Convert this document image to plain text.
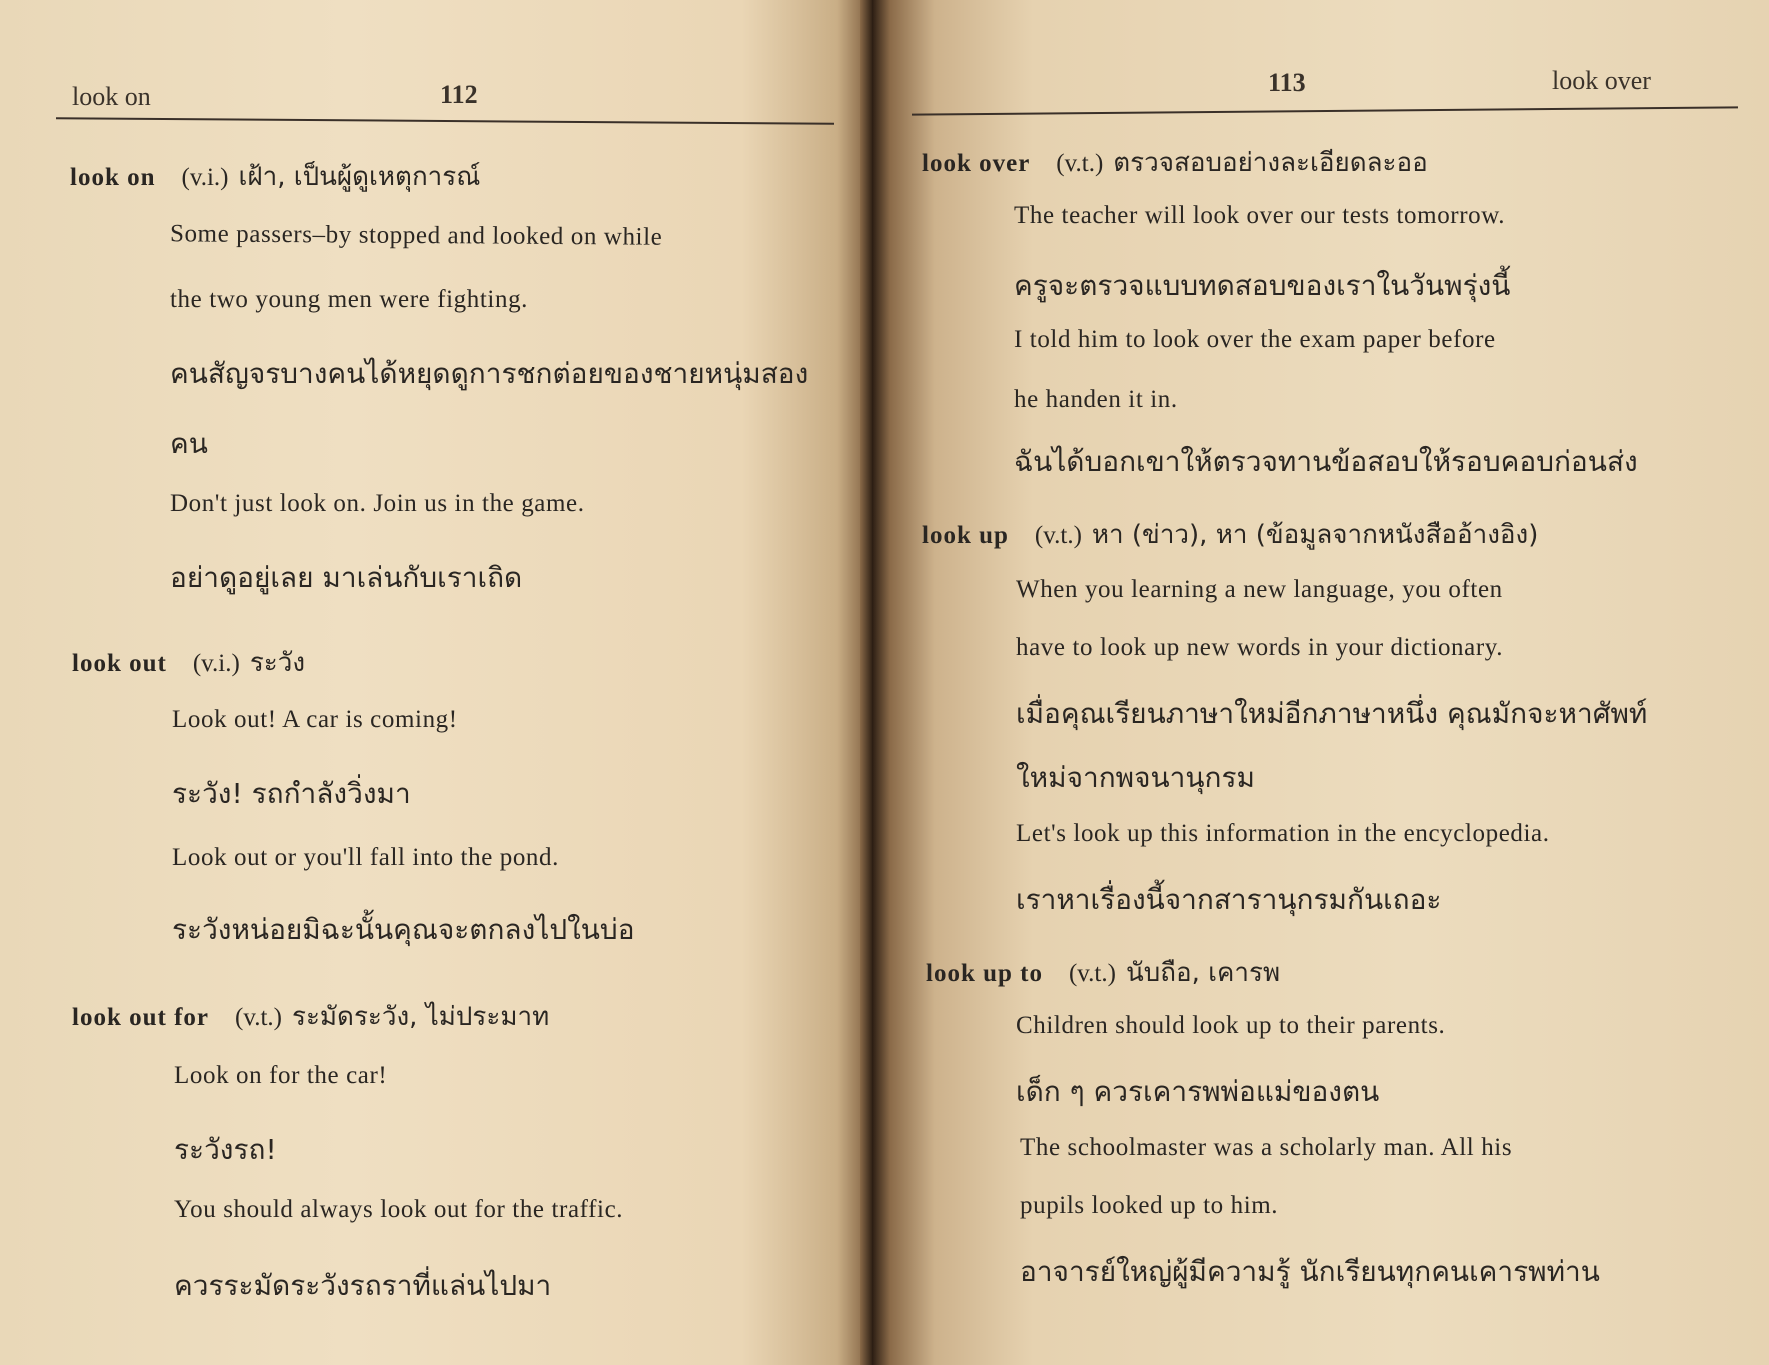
look on	112
look on (v.i.) เฝ้า, เป็นผู้ดูเหตุการณ์
Some passers–by stopped and looked on while
the two young men were fighting.
คนสัญจรบางคนได้หยุดดูการชกต่อยของชายหนุ่มสอง
คน
Don't just look on. Join us in the game.
อย่าดูอยู่เลย มาเล่นกับเราเถิด
look out (v.i.) ระวัง
Look out! A car is coming!
ระวัง! รถกำลังวิ่งมา
Look out or you'll fall into the pond.
ระวังหน่อยมิฉะนั้นคุณจะตกลงไปในบ่อ
look out for (v.t.) ระมัดระวัง, ไม่ประมาท
Look on for the car!
ระวังรถ!
You should always look out for the traffic.
ควรระมัดระวังรถราที่แล่นไปมา
113	look over
look over (v.t.) ตรวจสอบอย่างละเอียดละออ
The teacher will look over our tests tomorrow.
ครูจะตรวจแบบทดสอบของเราในวันพรุ่งนี้
I told him to look over the exam paper before
he handen it in.
ฉันได้บอกเขาให้ตรวจทานข้อสอบให้รอบคอบก่อนส่ง
look up (v.t.) หา (ข่าว), หา (ข้อมูลจากหนังสืออ้างอิง)
When you learning a new language, you often
have to look up new words in your dictionary.
เมื่อคุณเรียนภาษาใหม่อีกภาษาหนึ่ง คุณมักจะหาศัพท์
ใหม่จากพจนานุกรม
Let's look up this information in the encyclopedia.
เราหาเรื่องนี้จากสารานุกรมกันเถอะ
look up to (v.t.) นับถือ, เคารพ
Children should look up to their parents.
เด็ก ๆ ควรเคารพพ่อแม่ของตน
The schoolmaster was a scholarly man. All his
pupils looked up to him.
อาจารย์ใหญ่ผู้มีความรู้ นักเรียนทุกคนเคารพท่าน
